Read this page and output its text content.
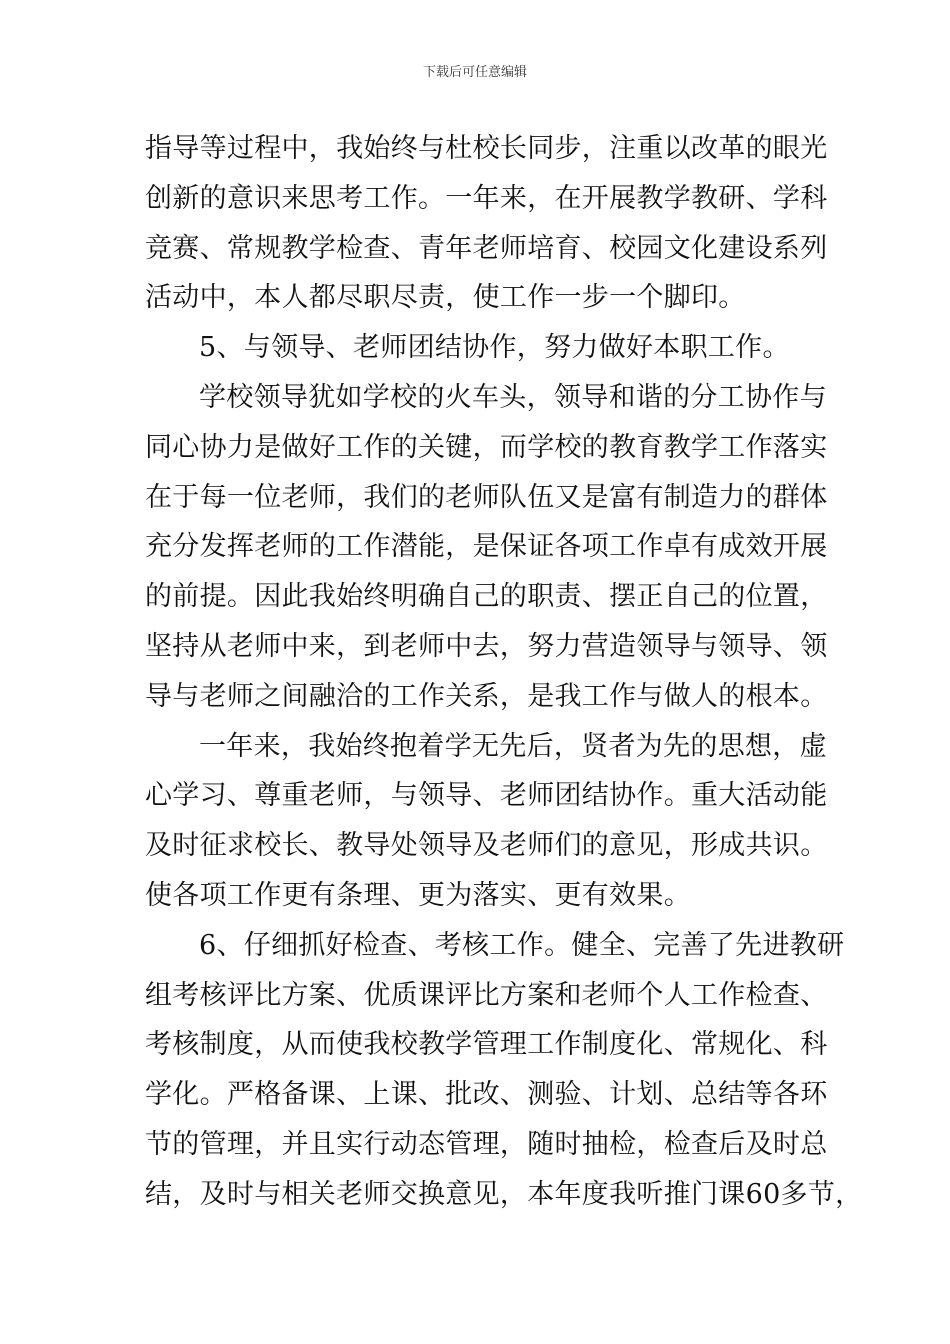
下载后可任意编辑
指导等过程中，我始终与杜校长同步，注重以改革的眼光
创新的意识来思考工作。一年来，在开展教学教研、学科
竞赛、常规教学检查、青年老师培育、校园文化建设系列
活动中，本人都尽职尽责，使工作一步一个脚印。
5、与领导、老师团结协作，努力做好本职工作。
学校领导犹如学校的火车头，领导和谐的分工协作与
同心协力是做好工作的关键，而学校的教育教学工作落实
在于每一位老师，我们的老师队伍又是富有制造力的群体
充分发挥老师的工作潜能，是保证各项工作卓有成效开展
的前提。因此我始终明确自己的职责、摆正自己的位置，
坚持从老师中来，到老师中去，努力营造领导与领导、领
导与老师之间融洽的工作关系，是我工作与做人的根本。
一年来，我始终抱着学无先后，贤者为先的思想，虚
心学习、尊重老师，与领导、老师团结协作。重大活动能
及时征求校长、教导处领导及老师们的意见，形成共识。
使各项工作更有条理、更为落实、更有效果。
6、仔细抓好检查、考核工作。健全、完善了先进教研
组考核评比方案、优质课评比方案和老师个人工作检查、
考核制度，从而使我校教学管理工作制度化、常规化、科
学化。严格备课、上课、批改、测验、计划、总结等各环
节的管理，并且实行动态管理，随时抽检，检查后及时总
结，及时与相关老师交换意见，本年度我听推门课60多节，
